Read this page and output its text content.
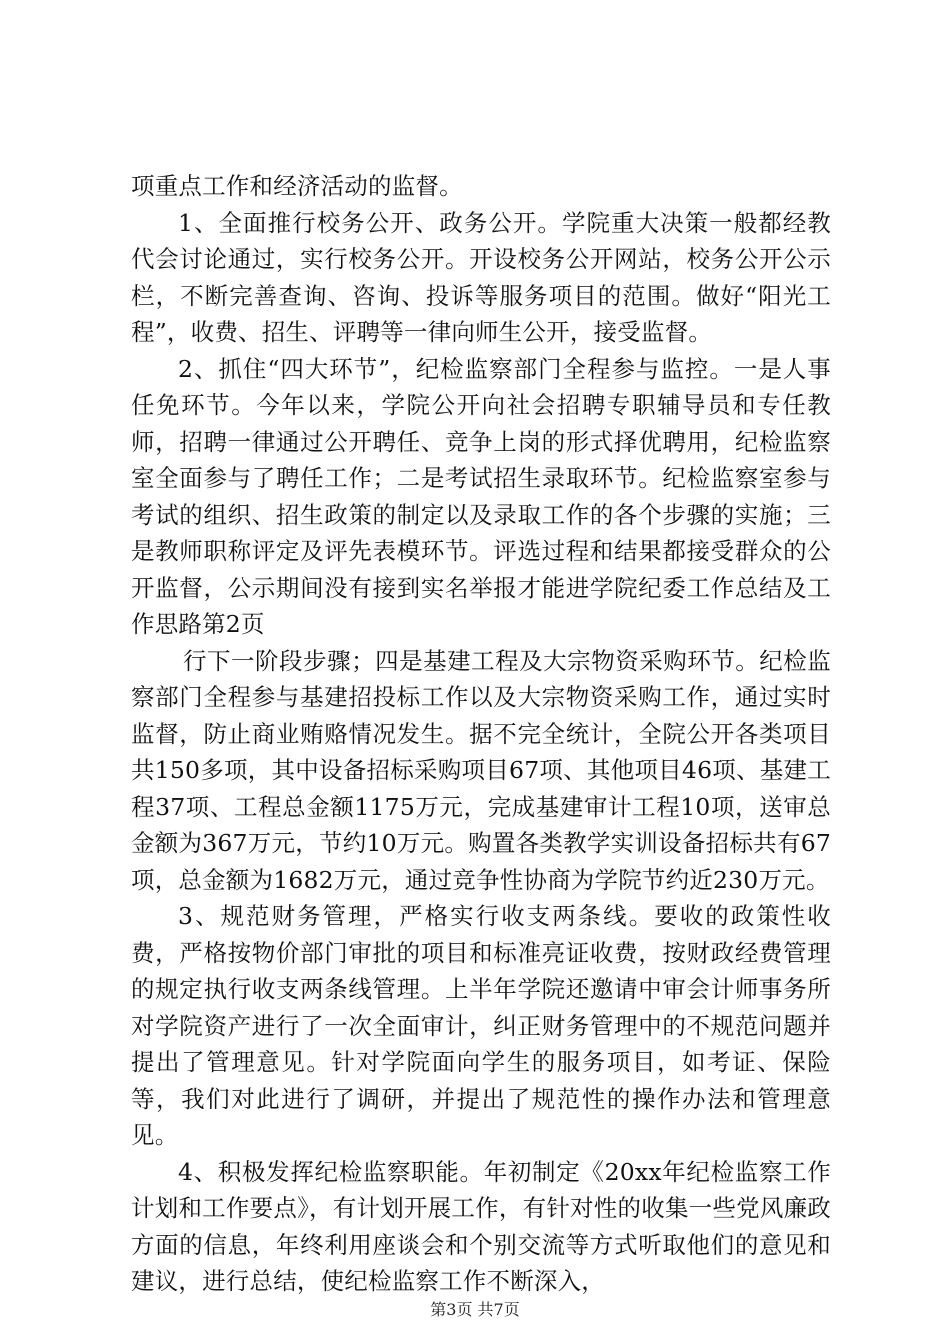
项重点工作和经济活动的监督。

1、全面推行校务公开、政务公开。学院重大决策一般都经教代会讨论通过，实行校务公开。开设校务公开网站，校务公开公示栏，不断完善查询、咨询、投诉等服务项目的范围。做好“阳光工程”，收费、招生、评聘等一律向师生公开，接受监督。

2、抓住“四大环节”，纪检监察部门全程参与监控。一是人事任免环节。今年以来，学院公开向社会招聘专职辅导员和专任教师，招聘一律通过公开聘任、竞争上岗的形式择优聘用，纪检监察室全面参与了聘任工作；二是考试招生录取环节。纪检监察室参与考试的组织、招生政策的制定以及录取工作的各个步骤的实施；三是教师职称评定及评先表模环节。评选过程和结果都接受群众的公开监督，公示期间没有接到实名举报才能进学院纪委工作总结及工作思路第2页

行下一阶段步骤；四是基建工程及大宗物资采购环节。纪检监察部门全程参与基建招投标工作以及大宗物资采购工作，通过实时监督，防止商业贿赂情况发生。据不完全统计，全院公开各类项目共150多项，其中设备招标采购项目67项、其他项目46项、基建工程37项、工程总金额1175万元，完成基建审计工程10项，送审总金额为367万元，节约10万元。购置各类教学实训设备招标共有67项，总金额为1682万元，通过竞争性协商为学院节约近230万元。

3、规范财务管理，严格实行收支两条线。要收的政策性收费，严格按物价部门审批的项目和标准亮证收费，按财政经费管理的规定执行收支两条线管理。上半年学院还邀请中审会计师事务所对学院资产进行了一次全面审计，纠正财务管理中的不规范问题并提出了管理意见。针对学院面向学生的服务项目，如考证、保险等，我们对此进行了调研，并提出了规范性的操作办法和管理意见。

4、积极发挥纪检监察职能。年初制定《20xx年纪检监察工作计划和工作要点》，有计划开展工作，有针对性的收集一些党风廉政方面的信息，年终利用座谈会和个别交流等方式听取他们的意见和建议，进行总结，使纪检监察工作不断深入，

第3页 共7页
